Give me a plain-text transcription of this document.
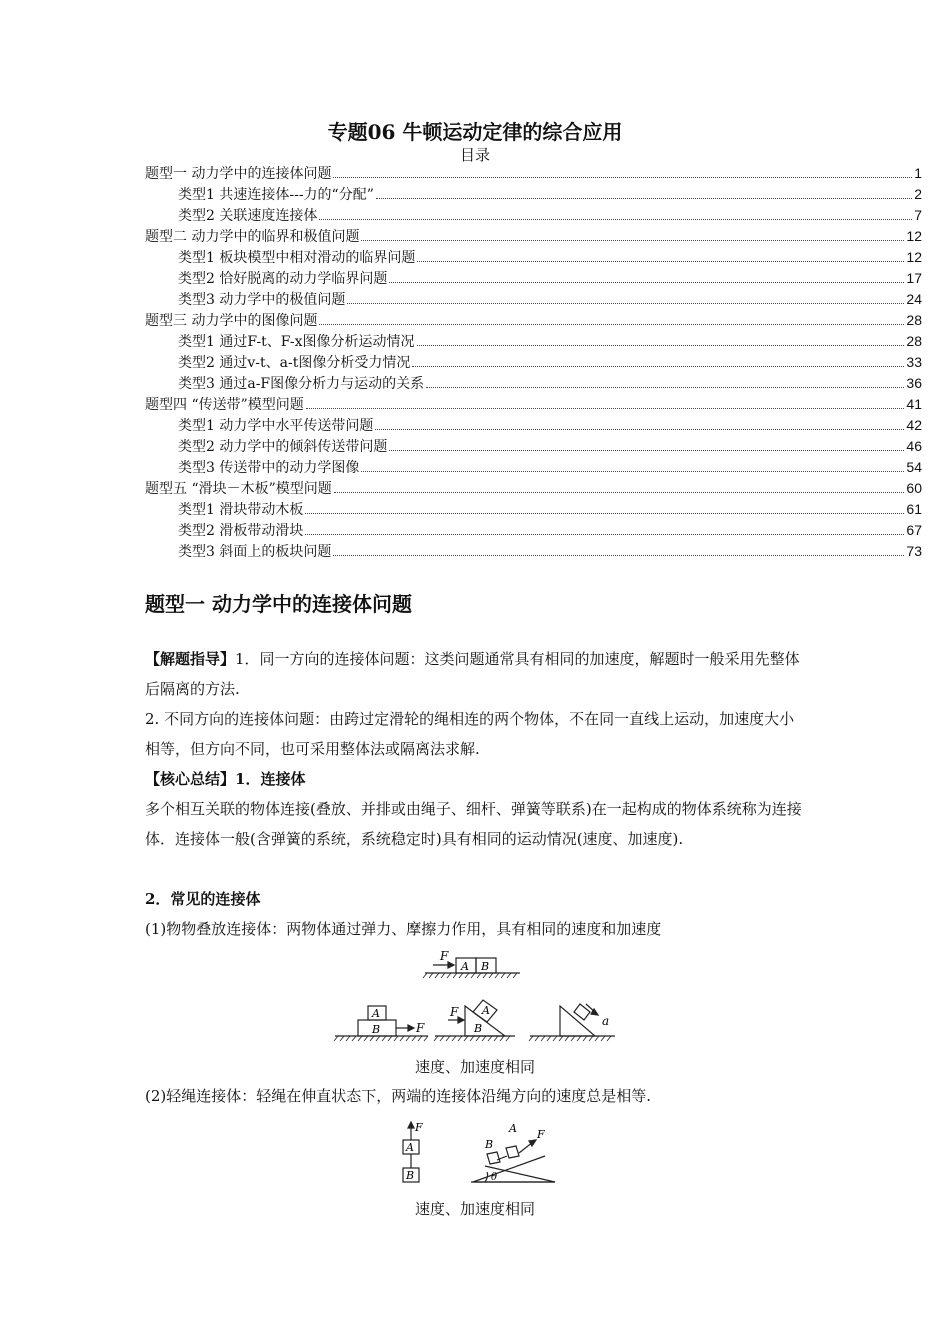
专题06 牛顿运动定律的综合应用
目录
题型一 动力学中的连接体问题	1
类型1 共速连接体---力的“分配”	2
类型2 关联速度连接体	7
题型二 动力学中的临界和极值问题	12
类型1 板块模型中相对滑动的临界问题	12
类型2 恰好脱离的动力学临界问题	17
类型3 动力学中的极值问题	24
题型三 动力学中的图像问题	28
类型1 通过F-t、F-x图像分析运动情况	28
类型2 通过v-t、a-t图像分析受力情况	33
类型3 通过a-F图像分析力与运动的关系	36
题型四 “传送带”模型问题	41
类型1 动力学中水平传送带问题	42
类型2 动力学中的倾斜传送带问题	46
类型3 传送带中的动力学图像	54
题型五 “滑块－木板”模型问题	60
类型1 滑块带动木板	61
类型2 滑板带动滑块	67
类型3 斜面上的板块问题	73
题型一 动力学中的连接体问题
【解题指导】1．同一方向的连接体问题：这类问题通常具有相同的加速度，解题时一般采用先整体后隔离的方法.
2. 不同方向的连接体问题：由跨过定滑轮的绳相连的两个物体，不在同一直线上运动，加速度大小相等，但方向不同，也可采用整体法或隔离法求解.
【核心总结】1．连接体
多个相互关联的物体连接(叠放、并排或由绳子、细杆、弹簧等联系)在一起构成的物体系统称为连接体．连接体一般(含弹簧的系统，系统稳定时)具有相同的运动情况(速度、加速度).
2．常见的连接体
(1)物物叠放连接体：两物体通过弹力、摩擦力作用，具有相同的速度和加速度
F
A B
A
B	F
F A
B
a
速度、加速度相同
(2)轻绳连接体：轻绳在伸直状态下，两端的连接体沿绳方向的速度总是相等.
F
A
B
B
A F
θ
速度、加速度相同
